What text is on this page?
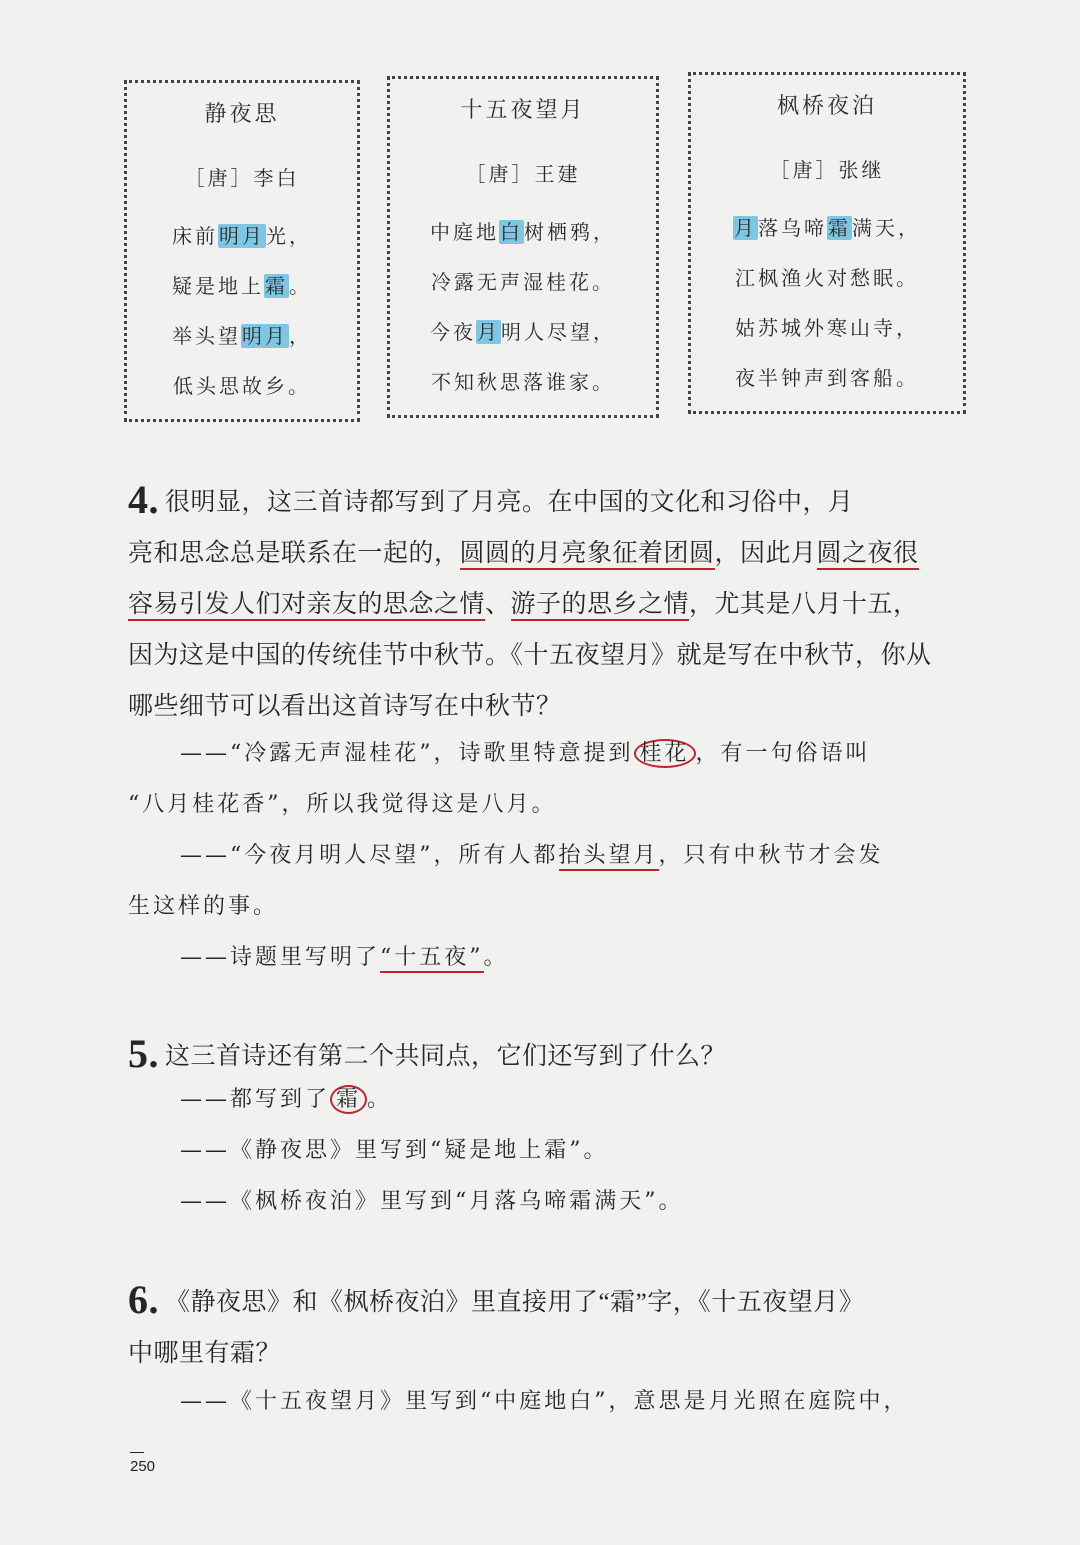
静夜思
［唐］李白
床前明月光，
疑是地上霜。
举头望明月，
低头思故乡。
十五夜望月
［唐］王建
中庭地白树栖鸦，
冷露无声湿桂花。
今夜月明人尽望，
不知秋思落谁家。
枫桥夜泊
［唐］张继
月落乌啼霜满天，
江枫渔火对愁眠。
姑苏城外寒山寺，
夜半钟声到客船。
4. 很明显，这三首诗都写到了月亮。在中国的文化和习俗中，月
亮和思念总是联系在一起的，圆圆的月亮象征着团圆，因此月圆之夜很
容易引发人们对亲友的思念之情、游子的思乡之情，尤其是八月十五，
因为这是中国的传统佳节中秋节。《十五夜望月》就是写在中秋节，你从
哪些细节可以看出这首诗写在中秋节？
——“冷露无声湿桂花”，诗歌里特意提到 桂花 ，有一句俗语叫
“八月桂花香”，所以我觉得这是八月。
——“今夜月明人尽望”，所有人都抬头望月，只有中秋节才会发
生这样的事。
——诗题里写明了“十五夜”。
5. 这三首诗还有第二个共同点，它们还写到了什么？
——都写到了 霜 。
——《静夜思》里写到“疑是地上霜”。
——《枫桥夜泊》里写到“月落乌啼霜满天”。
6. 《静夜思》和《枫桥夜泊》里直接用了“霜”字，《十五夜望月》
中哪里有霜？
——《十五夜望月》里写到“中庭地白”，意思是月光照在庭院中，
250
